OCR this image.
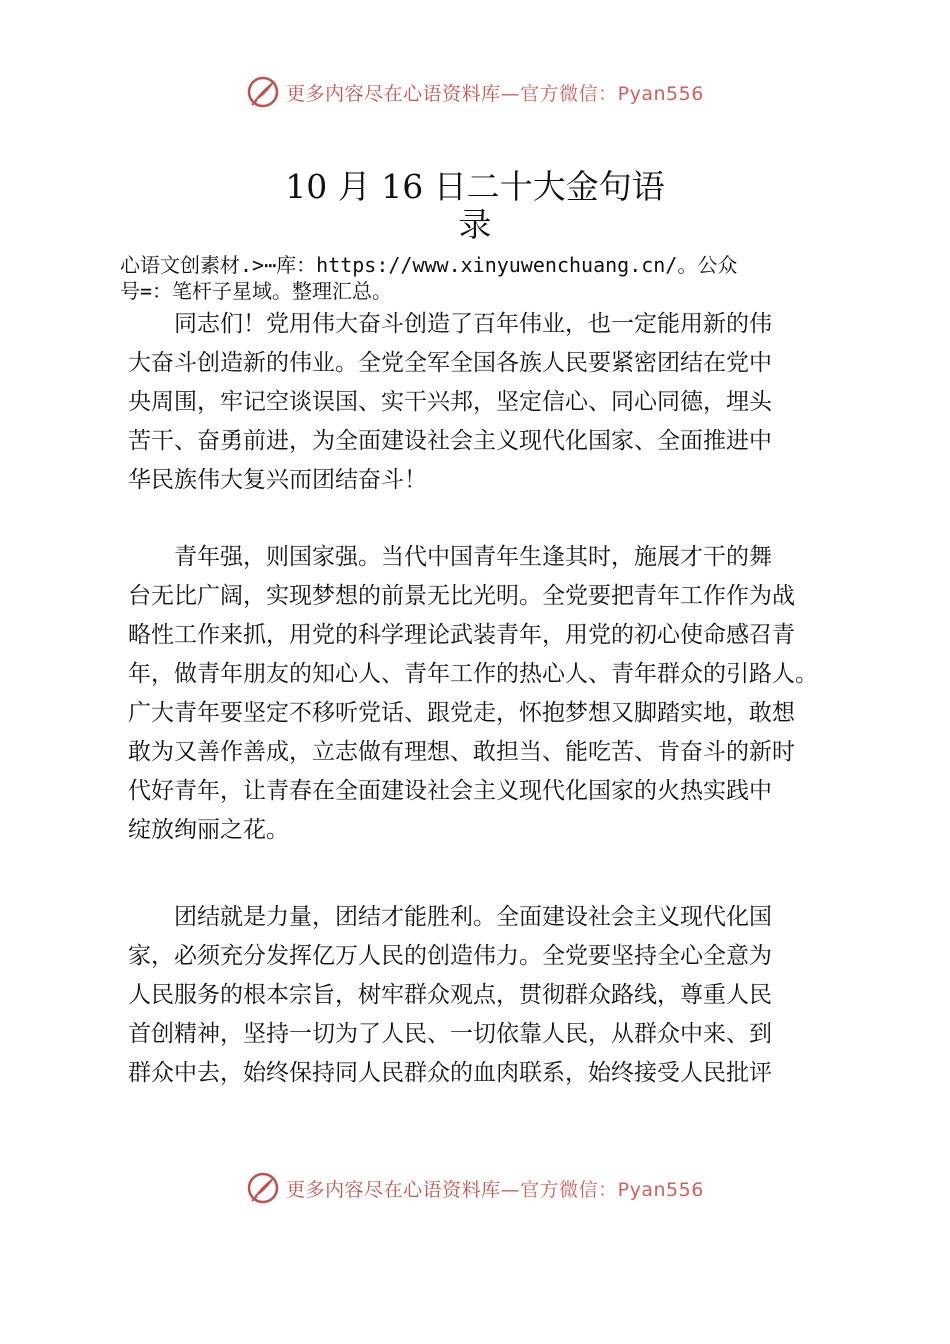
更多内容尽在心语资料库—官方微信：Pyan556
10 月 16 日二十大金句语
录
心语文创素材.>⋯库：https://www.xinyuwenchuang.cn/。公众
号=：笔杆子星域。整理汇总。
　　同志们！党用伟大奋斗创造了百年伟业，也一定能用新的伟
大奋斗创造新的伟业。全党全军全国各族人民要紧密团结在党中
央周围，牢记空谈误国、实干兴邦，坚定信心、同心同德，埋头
苦干、奋勇前进，为全面建设社会主义现代化国家、全面推进中
华民族伟大复兴而团结奋斗！
　　青年强，则国家强。当代中国青年生逢其时，施展才干的舞
台无比广阔，实现梦想的前景无比光明。全党要把青年工作作为战
略性工作来抓，用党的科学理论武装青年，用党的初心使命感召青
年，做青年朋友的知心人、青年工作的热心人、青年群众的引路人。
广大青年要坚定不移听党话、跟党走，怀抱梦想又脚踏实地，敢想
敢为又善作善成，立志做有理想、敢担当、能吃苦、肯奋斗的新时
代好青年，让青春在全面建设社会主义现代化国家的火热实践中
绽放绚丽之花。
　　团结就是力量，团结才能胜利。全面建设社会主义现代化国
家，必须充分发挥亿万人民的创造伟力。全党要坚持全心全意为
人民服务的根本宗旨，树牢群众观点，贯彻群众路线，尊重人民
首创精神，坚持一切为了人民、一切依靠人民，从群众中来、到
群众中去，始终保持同人民群众的血肉联系，始终接受人民批评
更多内容尽在心语资料库—官方微信：Pyan556
